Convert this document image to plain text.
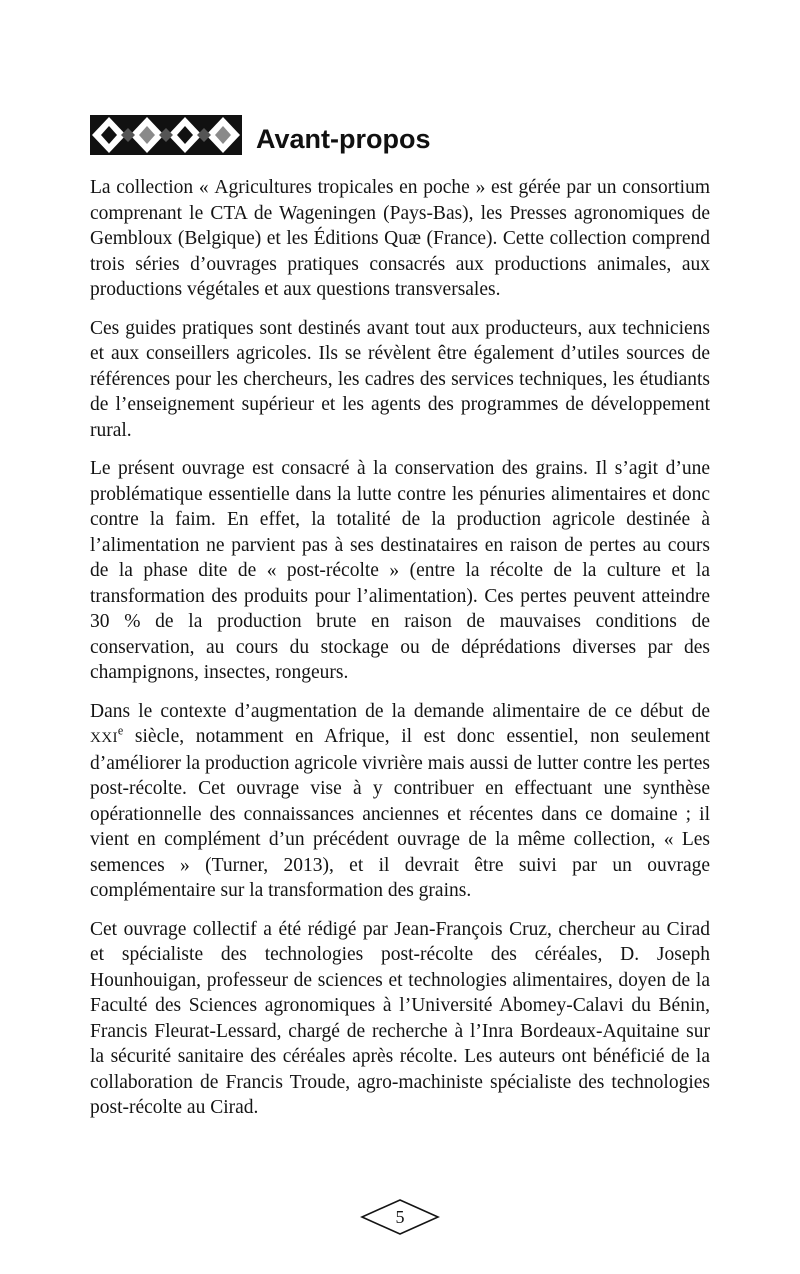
Avant-propos

La collection « Agricultures tropicales en poche » est gérée par un consortium comprenant le CTA de Wageningen (Pays-Bas), les Presses agronomiques de Gembloux (Belgique) et les Éditions Quæ (France). Cette collection comprend trois séries d’ouvrages pratiques consacrés aux productions animales, aux productions végétales et aux questions transversales.

Ces guides pratiques sont destinés avant tout aux producteurs, aux techniciens et aux conseillers agricoles. Ils se révèlent être également d’utiles sources de références pour les chercheurs, les cadres des services techniques, les étudiants de l’enseignement supérieur et les agents des programmes de développement rural.

Le présent ouvrage est consacré à la conservation des grains. Il s’agit d’une problématique essentielle dans la lutte contre les pénuries alimentaires et donc contre la faim. En effet, la totalité de la production agricole destinée à l’alimentation ne parvient pas à ses destinataires en raison de pertes au cours de la phase dite de « post-récolte » (entre la récolte de la culture et la transformation des produits pour l’alimentation). Ces pertes peuvent atteindre 30 % de la production brute en raison de mauvaises conditions de conservation, au cours du stockage ou de déprédations diverses par des champignons, insectes, rongeurs.

Dans le contexte d’augmentation de la demande alimentaire de ce début de XXIe siècle, notamment en Afrique, il est donc essentiel, non seulement d’améliorer la production agricole vivrière mais aussi de lutter contre les pertes post-récolte. Cet ouvrage vise à y contribuer en effectuant une synthèse opérationnelle des connaissances anciennes et récentes dans ce domaine ; il vient en complément d’un précédent ouvrage de la même collection, « Les semences » (Turner, 2013), et il devrait être suivi par un ouvrage complémentaire sur la transformation des grains.

Cet ouvrage collectif a été rédigé par Jean-François Cruz, chercheur au Cirad et spécialiste des technologies post-récolte des céréales, D. Joseph Hounhouigan, professeur de sciences et technologies alimentaires, doyen de la Faculté des Sciences agronomiques à l’Université Abomey-Calavi du Bénin, Francis Fleurat-Lessard, chargé de recherche à l’Inra Bordeaux-Aquitaine sur la sécurité sanitaire des céréales après récolte. Les auteurs ont bénéficié de la collaboration de Francis Troude, agro-machiniste spécialiste des technologies post-récolte au Cirad.

5
